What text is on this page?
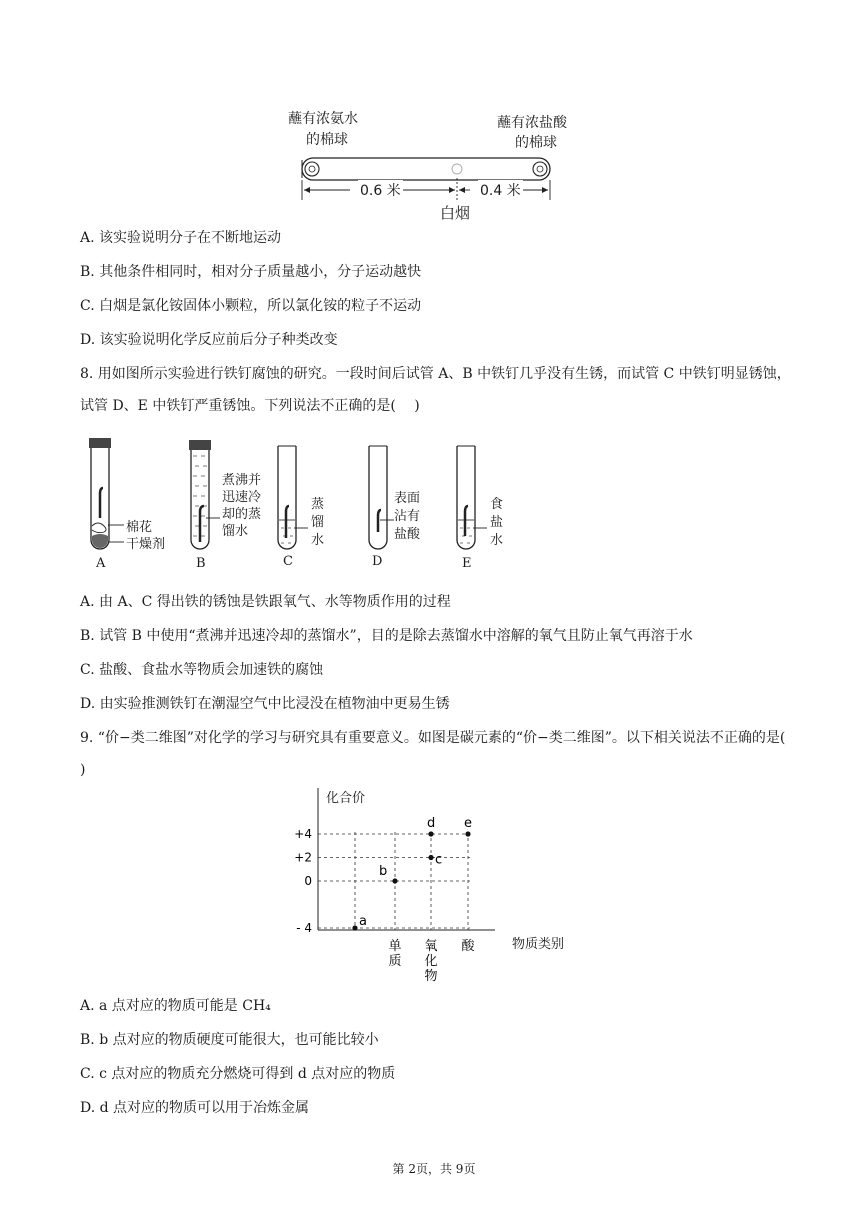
蘸有浓氨水
的棉球
蘸有浓盐酸
的棉球
0.6 米	0.4 米
白烟
A. 该实验说明分子在不断地运动
B. 其他条件相同时，相对分子质量越小，分子运动越快
C. 白烟是氯化铵固体小颗粒，所以氯化铵的粒子不运动
D. 该实验说明化学反应前后分子种类改变
8. 用如图所示实验进行铁钉腐蚀的研究。一段时间后试管 A、B 中铁钉几乎没有生锈，而试管 C 中铁钉明显锈蚀，试管 D、E 中铁钉严重锈蚀。下列说法不正确的是(　 )
棉花
干燥剂
煮沸并
迅速冷
却的蒸
馏水
蒸
馏
水
表面
沾有
盐酸
食
盐
水
A	B	C	D	E
A. 由 A、C 得出铁的锈蚀是铁跟氧气、水等物质作用的过程
B. 试管 B 中使用“煮沸并迅速冷却的蒸馏水”，目的是除去蒸馏水中溶解的氧气且防止氧气再溶于水
C. 盐酸、食盐水等物质会加速铁的腐蚀
D. 由实验推测铁钉在潮湿空气中比浸没在植物油中更易生锈
9. “价−类二维图”对化学的学习与研究具有重要意义。如图是碳元素的“价−类二维图”。以下相关说法不正确的是(　 )
化合价
物质类别
+4
+2
0
- 4
单
质
氧
化
物
酸
a
b
c
d e
A. a 点对应的物质可能是 CH₄
B. b 点对应的物质硬度可能很大，也可能比较小
C. c 点对应的物质充分燃烧可得到 d 点对应的物质
D. d 点对应的物质可以用于冶炼金属
第 2页，共 9页
